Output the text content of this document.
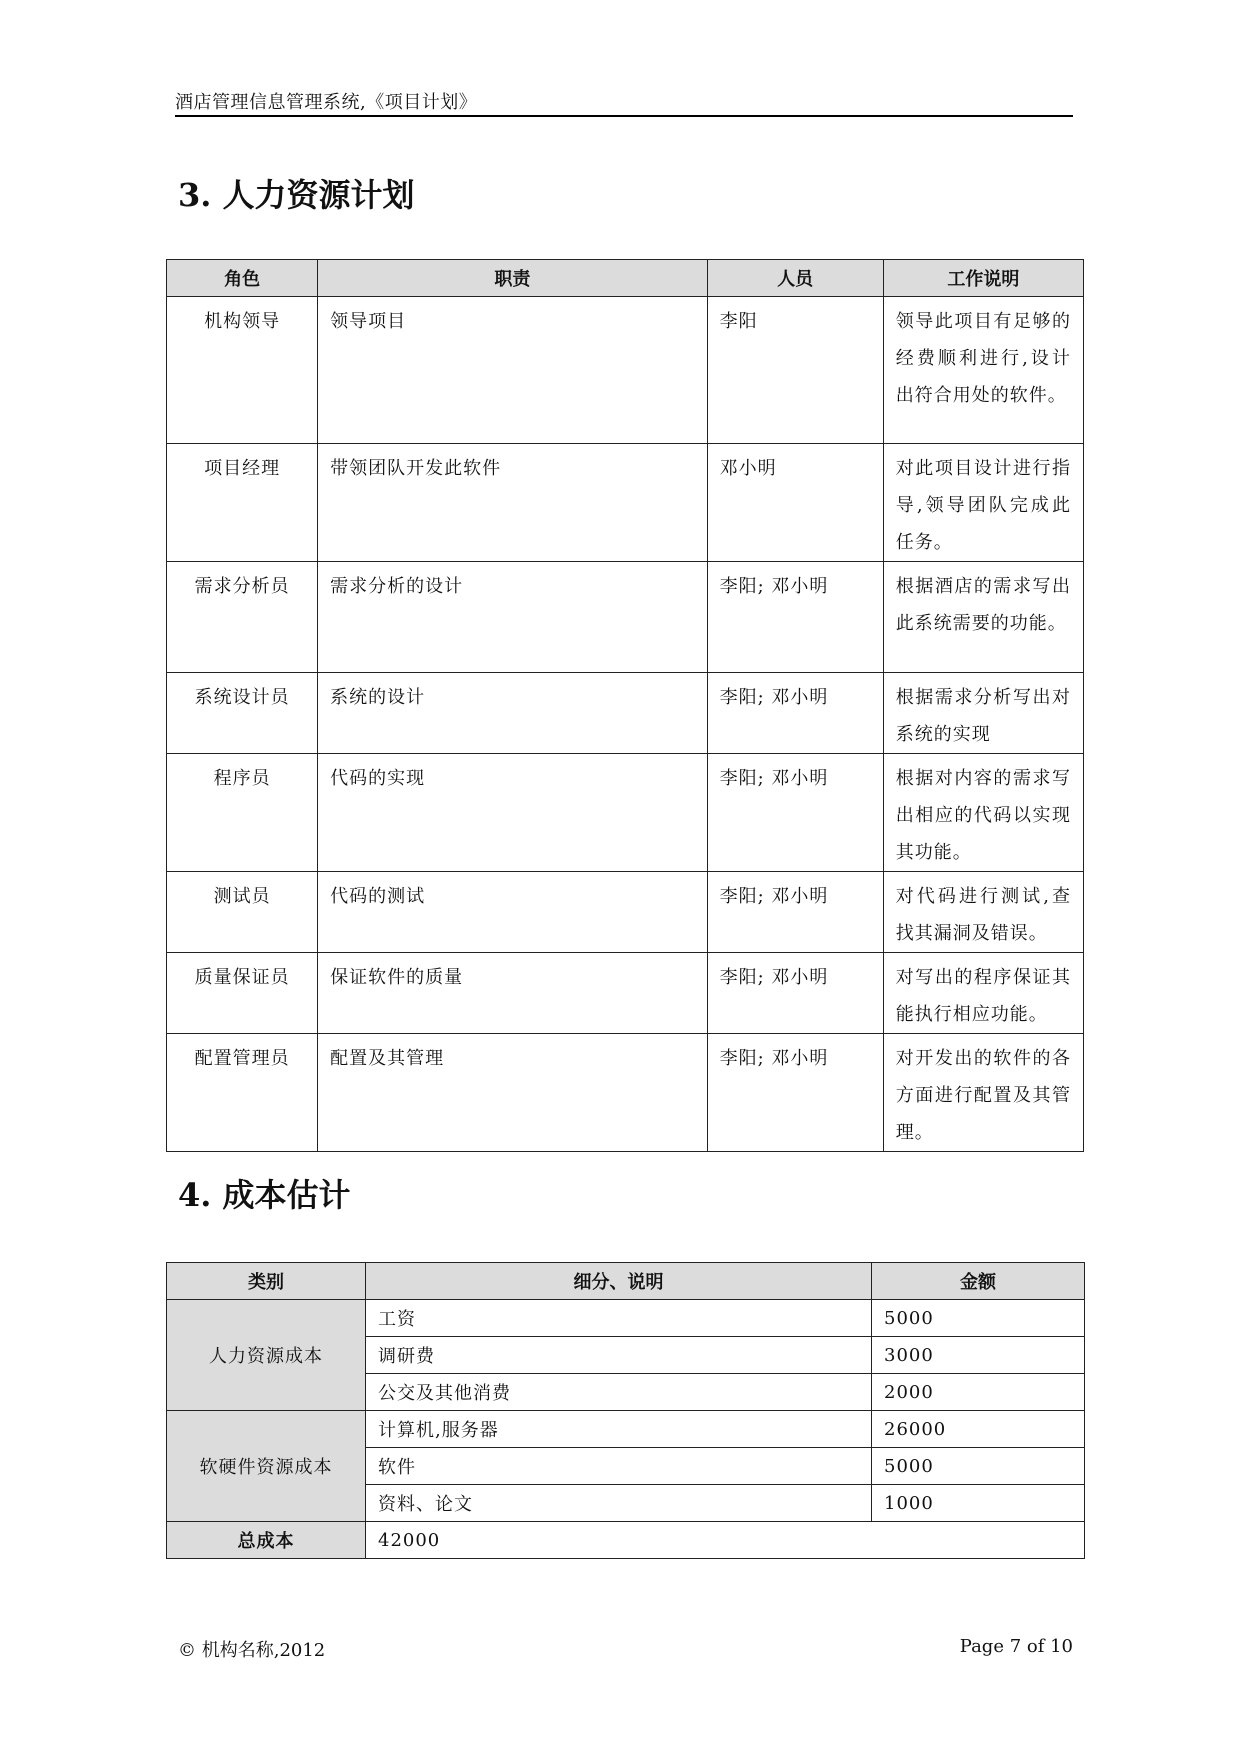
酒店管理信息管理系统,《项目计划》
3. 人力资源计划
角色	职责	人员	工作说明
机构领导	领导项目	李阳	领导此项目有足够的经费顺利进行,设计出符合用处的软件。
项目经理	带领团队开发此软件	邓小明	对此项目设计进行指导,领导团队完成此任务。
需求分析员	需求分析的设计	李阳; 邓小明	根据酒店的需求写出此系统需要的功能。
系统设计员	系统的设计	李阳; 邓小明	根据需求分析写出对系统的实现
程序员	代码的实现	李阳; 邓小明	根据对内容的需求写出相应的代码以实现其功能。
测试员	代码的测试	李阳; 邓小明	对代码进行测试,查找其漏洞及错误。
质量保证员	保证软件的质量	李阳; 邓小明	对写出的程序保证其能执行相应功能。
配置管理员	配置及其管理	李阳; 邓小明	对开发出的软件的各方面进行配置及其管理。
4. 成本估计
类别	细分、说明	金额
人力资源成本	工资	5000
	调研费	3000
	公交及其他消费	2000
软硬件资源成本	计算机,服务器	26000
	软件	5000
	资料、论文	1000
总成本	42000	
© 机构名称,2012	Page 7 of 10
